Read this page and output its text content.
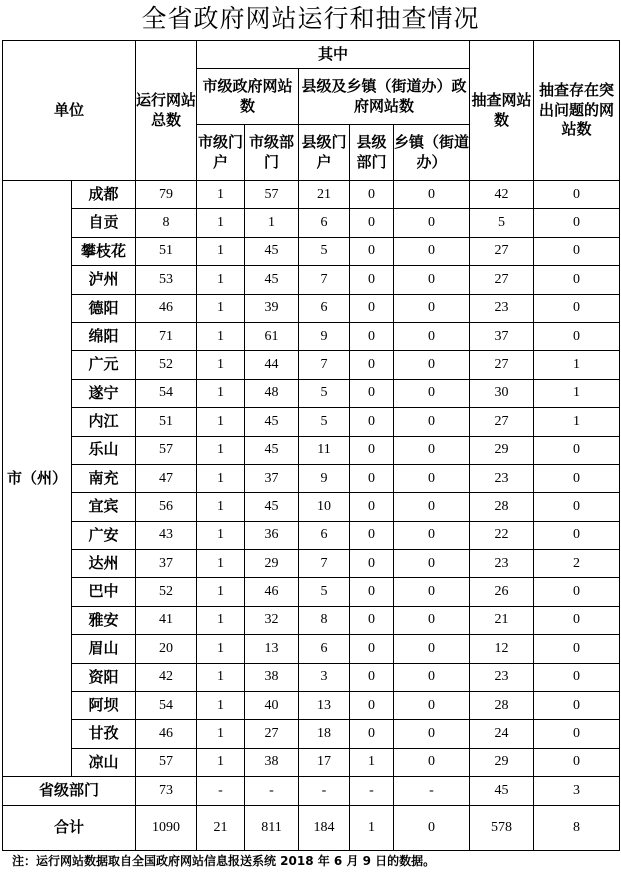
全省政府网站运行和抽查情况
单位		运行网站总数	其中					抽查网站数	抽查存在突出问题的网站数
			市级政府网站数		县级及乡镇（街道办）政府网站数				
			市级门户	市级部门	县级门户	县级部门	乡镇（街道办）		
市（州）	成都	79	1	57	21	0	0	42	0
	自贡	8	1	1	6	0	0	5	0
	攀枝花	51	1	45	5	0	0	27	0
	泸州	53	1	45	7	0	0	27	0
	德阳	46	1	39	6	0	0	23	0
	绵阳	71	1	61	9	0	0	37	0
	广元	52	1	44	7	0	0	27	1
	遂宁	54	1	48	5	0	0	30	1
	内江	51	1	45	5	0	0	27	1
	乐山	57	1	45	11	0	0	29	0
	南充	47	1	37	9	0	0	23	0
	宜宾	56	1	45	10	0	0	28	0
	广安	43	1	36	6	0	0	22	0
	达州	37	1	29	7	0	0	23	2
	巴中	52	1	46	5	0	0	26	0
	雅安	41	1	32	8	0	0	21	0
	眉山	20	1	13	6	0	0	12	0
	资阳	42	1	38	3	0	0	23	0
	阿坝	54	1	40	13	0	0	28	0
	甘孜	46	1	27	18	0	0	24	0
	凉山	57	1	38	17	1	0	29	0
省级部门		73	-	-	-	-	-	45	3
合计		1090	21	811	184	1	0	578	8
注：运行网站数据取自全国政府网站信息报送系统 2018 年 6 月 9 日的数据。
